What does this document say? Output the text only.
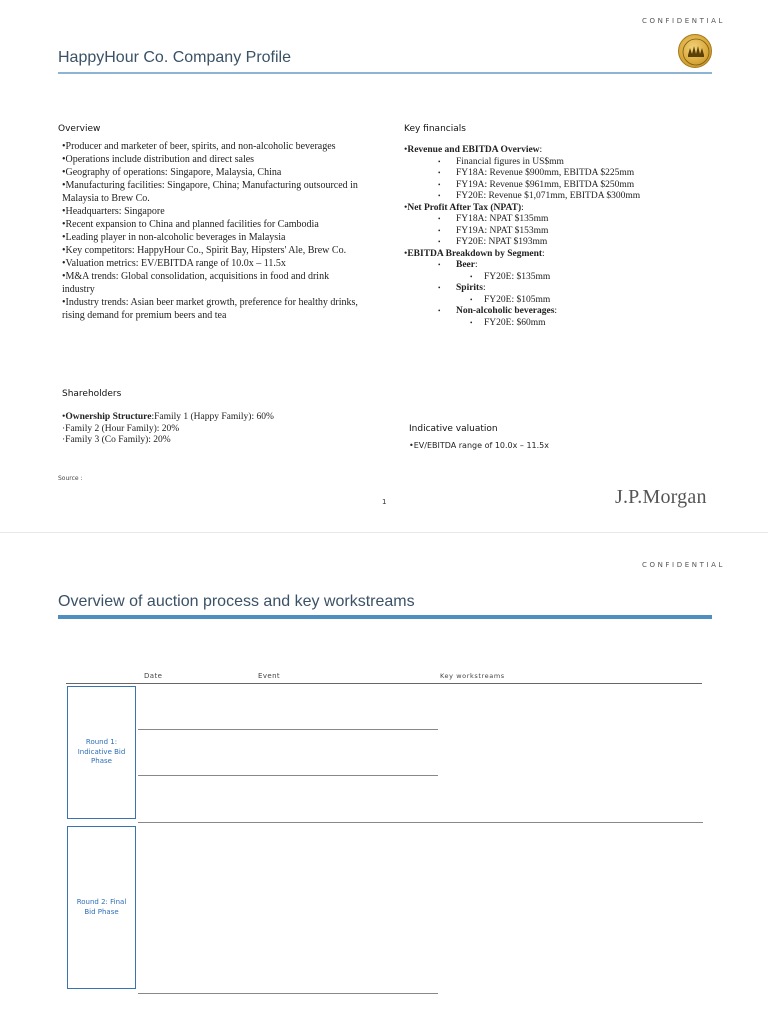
CONFIDENTIAL
HappyHour Co. Company Profile
Overview
•Producer and marketer of beer, spirits, and non-alcoholic beverages
•Operations include distribution and direct sales
•Geography of operations: Singapore, Malaysia, China
•Manufacturing facilities: Singapore, China; Manufacturing outsourced in Malaysia to Brew Co.
•Headquarters: Singapore
•Recent expansion to China and planned facilities for Cambodia
•Leading player in non-alcoholic beverages in Malaysia
•Key competitors: HappyHour Co., Spirit Bay, Hipsters' Ale, Brew Co.
•Valuation metrics: EV/EBITDA range of 10.0x – 11.5x
•M&A trends: Global consolidation, acquisitions in food and drink industry
•Industry trends: Asian beer market growth, preference for healthy drinks, rising demand for premium beers and tea
Key financials
•Revenue and EBITDA Overview:
• Financial figures in US$mm
• FY18A: Revenue $900mm, EBITDA $225mm
• FY19A: Revenue $961mm, EBITDA $250mm
• FY20E: Revenue $1,071mm, EBITDA $300mm
•Net Profit After Tax (NPAT):
• FY18A: NPAT $135mm
• FY19A: NPAT $153mm
• FY20E: NPAT $193mm
•EBITDA Breakdown by Segment:
• Beer:
• FY20E: $135mm
• Spirits:
• FY20E: $105mm
• Non-alcoholic beverages:
• FY20E: $60mm
Shareholders
•Ownership Structure:Family 1 (Happy Family): 60%
·Family 2 (Hour Family): 20%
·Family 3 (Co Family): 20%
Indicative valuation
•EV/EBITDA range of 10.0x – 11.5x
Source :
1	J.P.Morgan
CONFIDENTIAL
Overview of auction process and key workstreams
Date	Event	Key workstreams
Round 1:
Indicative Bid
Phase
Round 2: Final
Bid Phase
